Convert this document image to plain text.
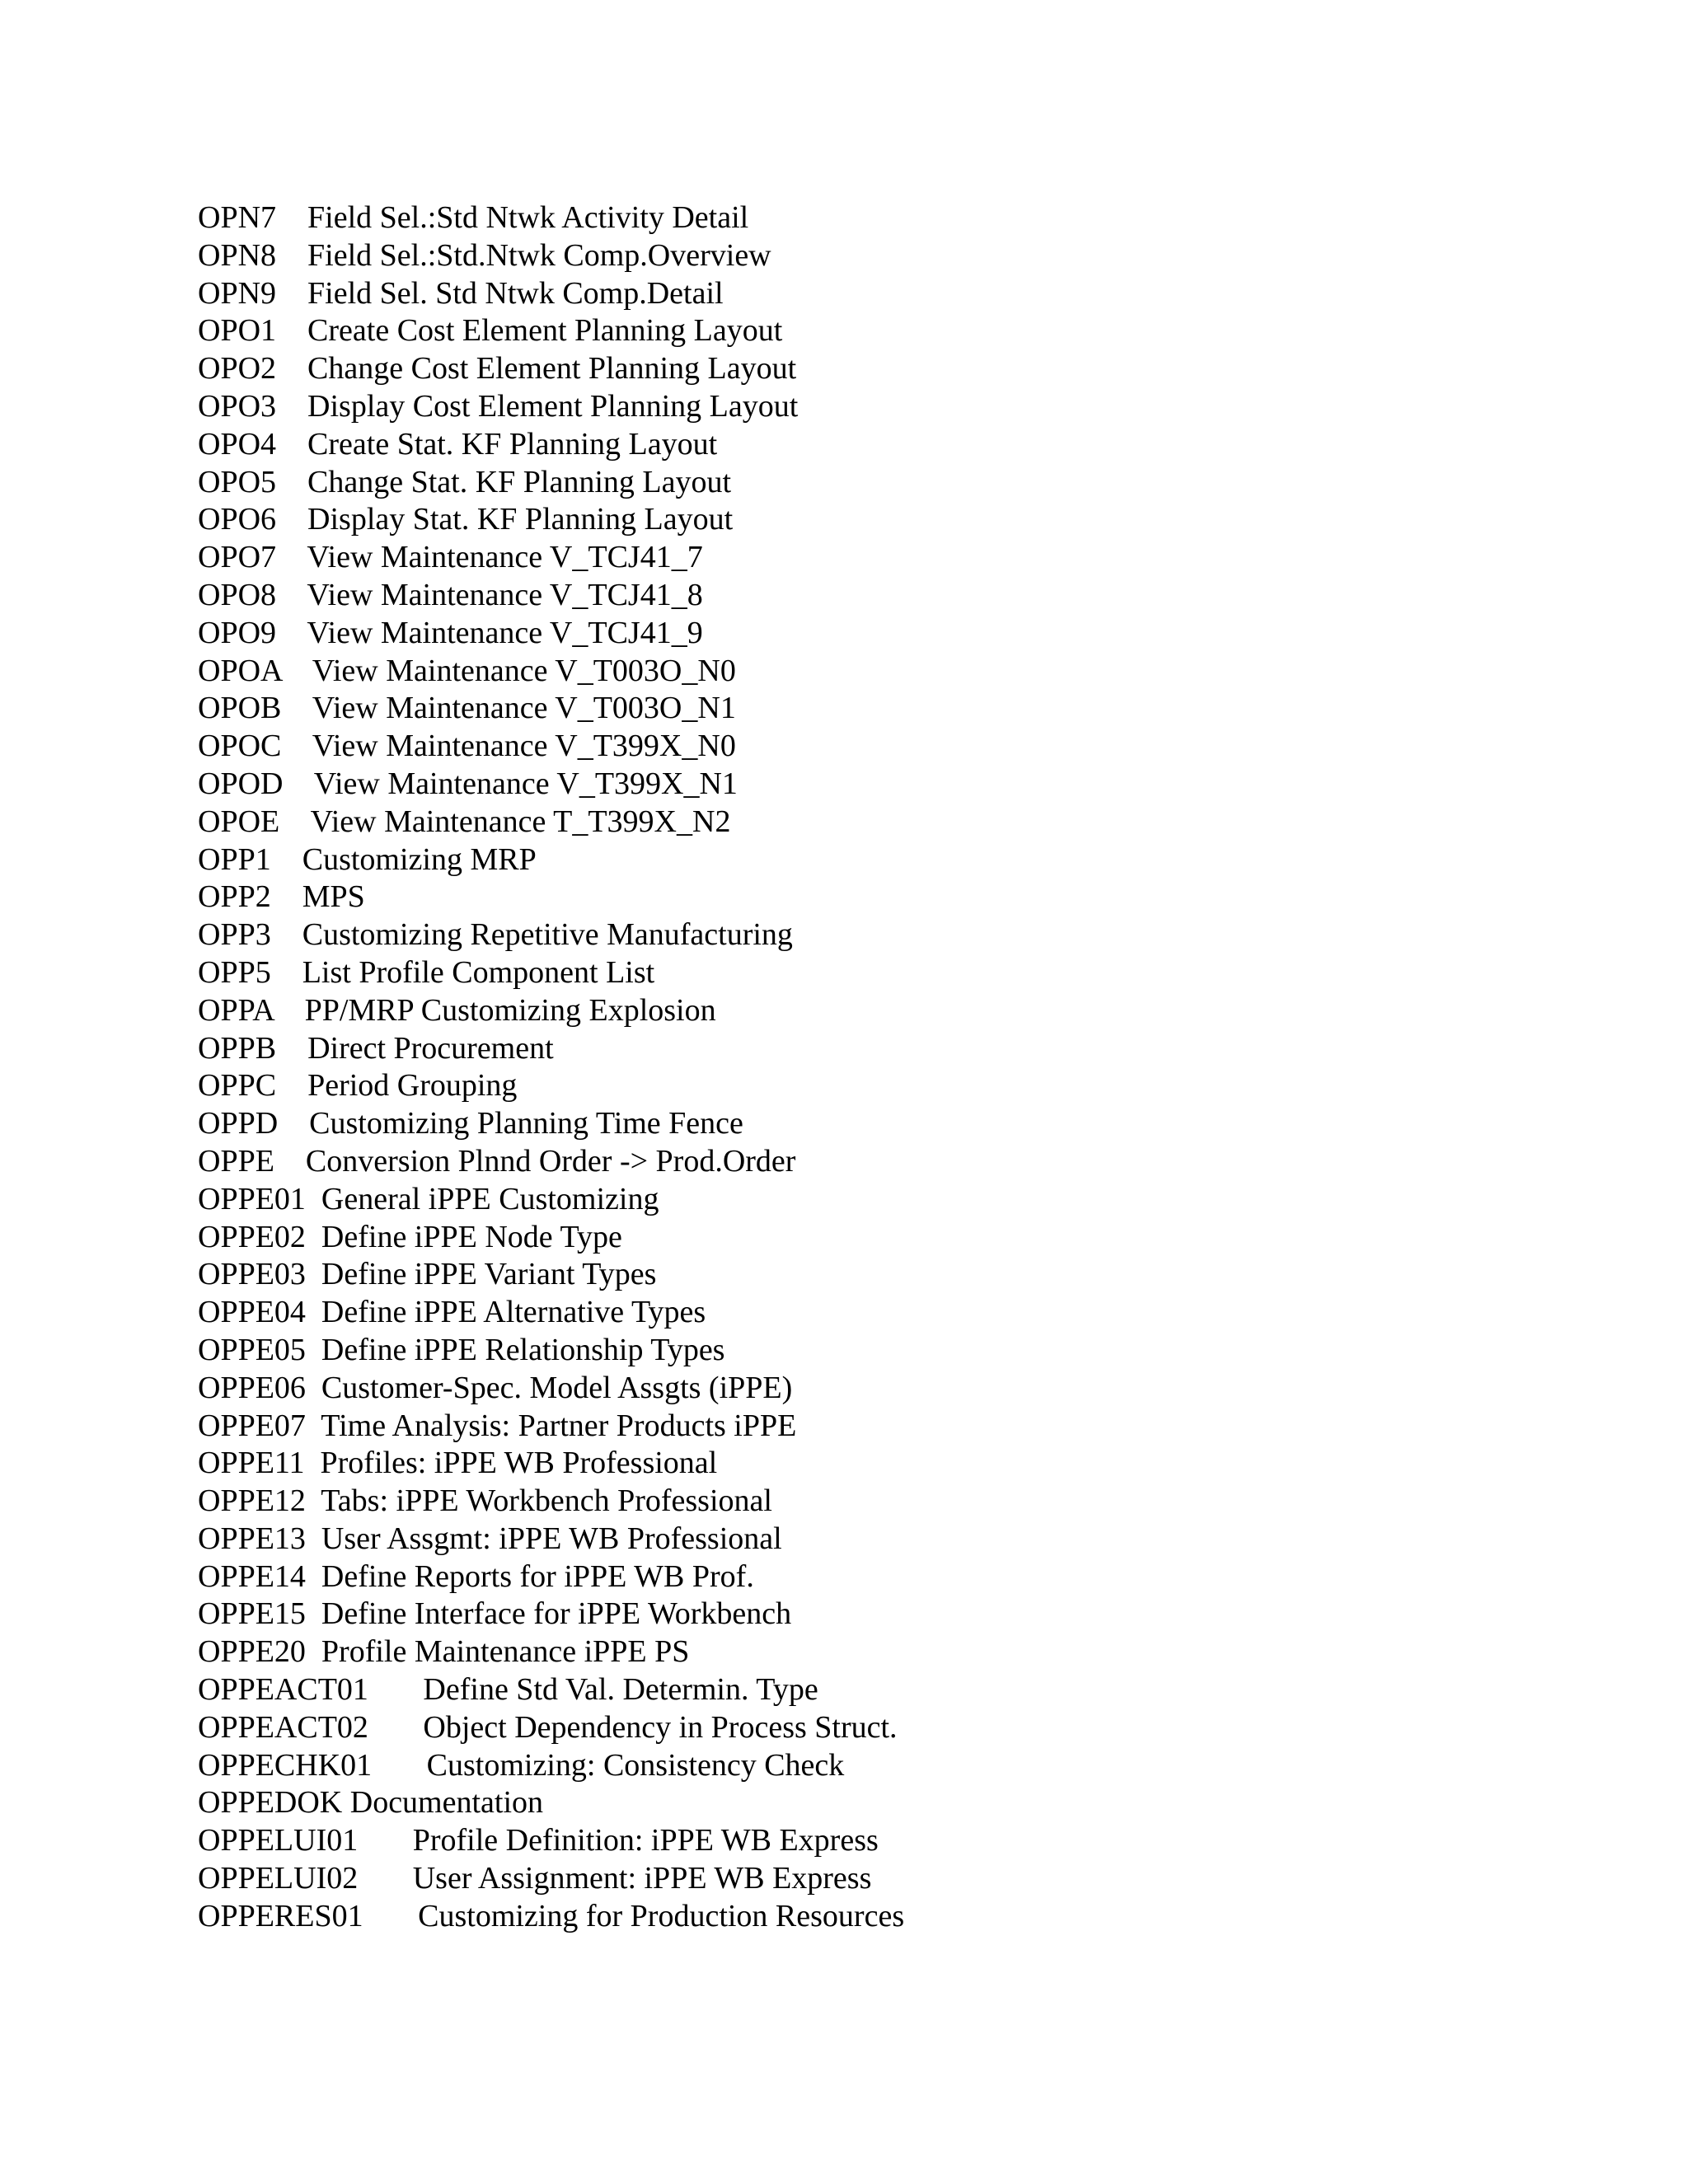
OPN7 Field Sel.:Std Ntwk Activity Detail
OPN8 Field Sel.:Std.Ntwk Comp.Overview
OPN9 Field Sel. Std Ntwk Comp.Detail
OPO1 Create Cost Element Planning Layout
OPO2 Change Cost Element Planning Layout
OPO3 Display Cost Element Planning Layout
OPO4 Create Stat. KF Planning Layout
OPO5 Change Stat. KF Planning Layout
OPO6 Display Stat. KF Planning Layout
OPO7 View Maintenance V_TCJ41_7
OPO8 View Maintenance V_TCJ41_8
OPO9 View Maintenance V_TCJ41_9
OPOA View Maintenance V_T003O_N0
OPOB View Maintenance V_T003O_N1
OPOC View Maintenance V_T399X_N0
OPOD View Maintenance V_T399X_N1
OPOE View Maintenance T_T399X_N2
OPP1 Customizing MRP
OPP2 MPS
OPP3 Customizing Repetitive Manufacturing
OPP5 List Profile Component List
OPPA PP/MRP Customizing Explosion
OPPB Direct Procurement
OPPC Period Grouping
OPPD Customizing Planning Time Fence
OPPE Conversion Plnnd Order -> Prod.Order
OPPE01 General iPPE Customizing
OPPE02 Define iPPE Node Type
OPPE03 Define iPPE Variant Types
OPPE04 Define iPPE Alternative Types
OPPE05 Define iPPE Relationship Types
OPPE06 Customer-Spec. Model Assgts (iPPE)
OPPE07 Time Analysis: Partner Products iPPE
OPPE11 Profiles: iPPE WB Professional
OPPE12 Tabs: iPPE Workbench Professional
OPPE13 User Assgmt: iPPE WB Professional
OPPE14 Define Reports for iPPE WB Prof.
OPPE15 Define Interface for iPPE Workbench
OPPE20 Profile Maintenance iPPE PS
OPPEACT01 Define Std Val. Determin. Type
OPPEACT02 Object Dependency in Process Struct.
OPPECHK01 Customizing: Consistency Check
OPPEDOK Documentation
OPPELUI01 Profile Definition: iPPE WB Express
OPPELUI02 User Assignment: iPPE WB Express
OPPERES01 Customizing for Production Resources
